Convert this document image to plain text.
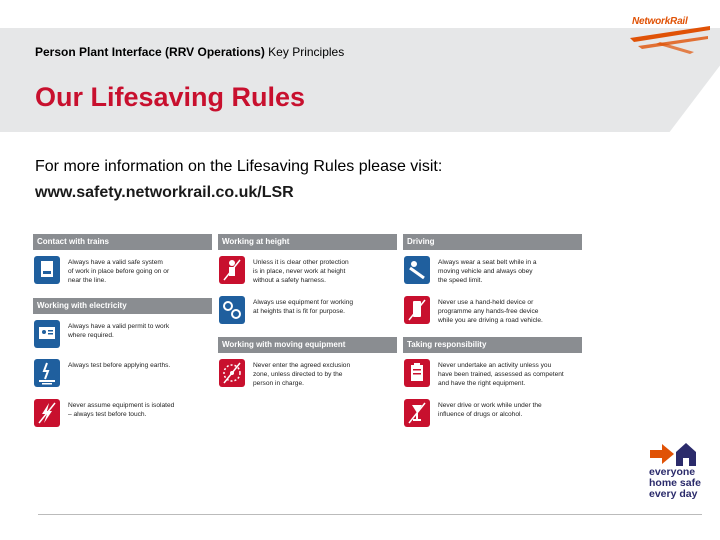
NetworkRail
Person Plant Interface (RRV Operations) Key Principles
Our Lifesaving Rules
For more information on the Lifesaving Rules please visit:
www.safety.networkrail.co.uk/LSR
Contact with trains	Working at height	Driving
Working with electricity
Working with moving equipment	Taking responsibility
Always have a valid safe system
of work in place before going on or
near the line.
Always have a valid permit to work
where required.
Always test before applying earths.
Never assume equipment is isolated
– always test before touch.
Unless it is clear other protection
is in place, never work at height
without a safety harness.
Always use equipment for working
at heights that is fit for purpose.
Never enter the agreed exclusion
zone, unless directed to by the
person in charge.
Always wear a seat belt while in a
moving vehicle and always obey
the speed limit.
Never use a hand-held device or
programme any hands-free device
while you are driving a road vehicle.
Never undertake an activity unless you
have been trained, assessed as competent
and have the right equipment.
Never drive or work while under the
influence of drugs or alcohol.
everyone
home safe
every day
